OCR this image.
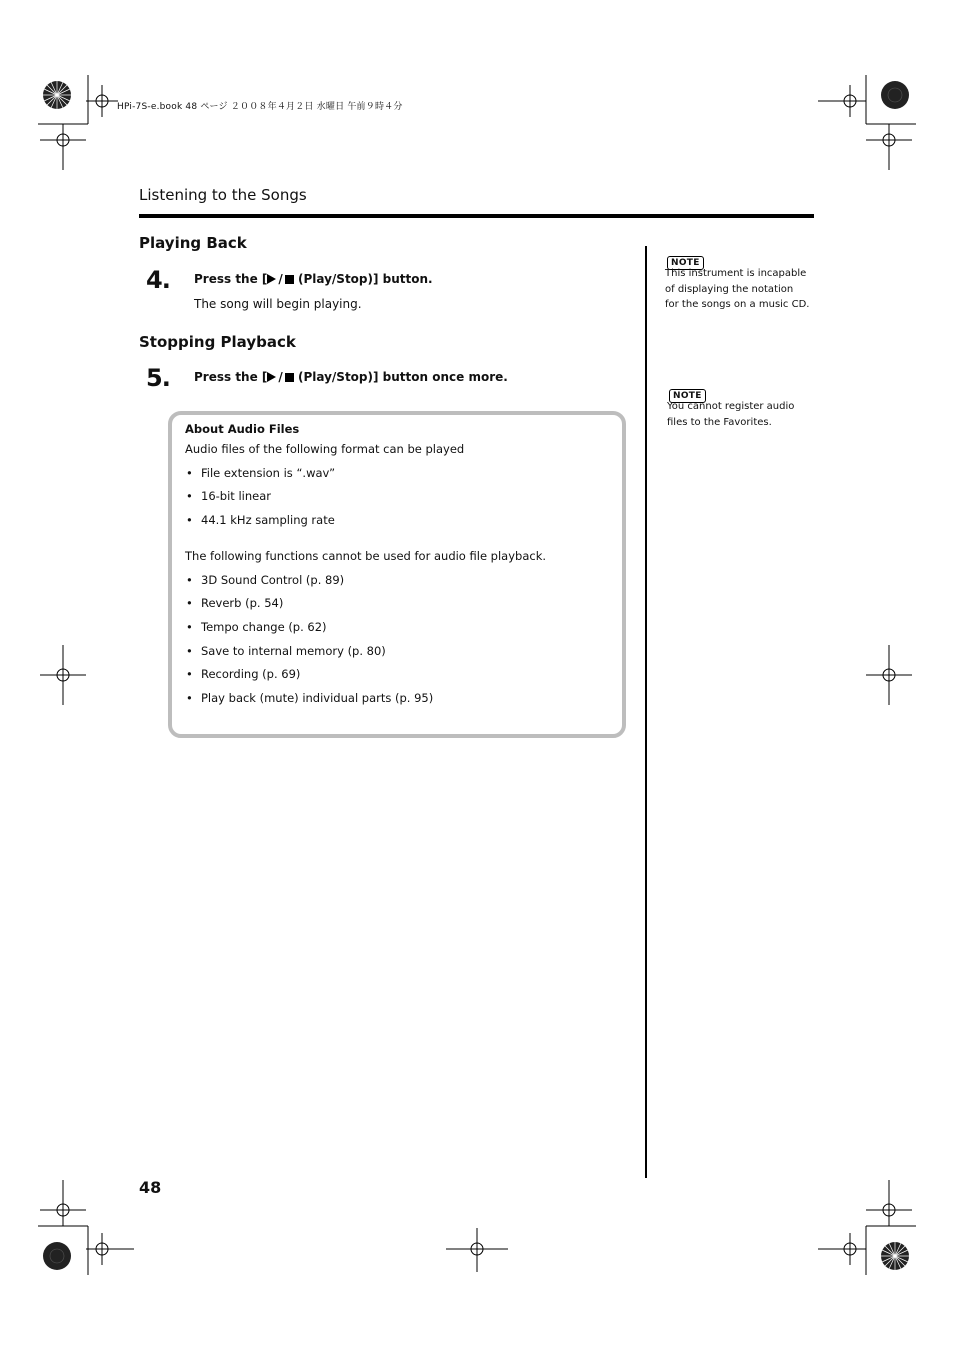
HPi-7S-e.book 48 ページ ２００８年４月２日 水曜日 午前９時４分
Listening to the Songs
Playing Back
4. Press the [ / (Play/Stop)] button.
The song will begin playing.
Stopping Playback
5. Press the [ / (Play/Stop)] button once more.
About Audio Files
Audio files of the following format can be played
• File extension is “.wav”
• 16-bit linear
• 44.1 kHz sampling rate
The following functions cannot be used for audio file playback.
• 3D Sound Control (p. 89)
• Reverb (p. 54)
• Tempo change (p. 62)
• Save to internal memory (p. 80)
• Recording (p. 69)
• Play back (mute) individual parts (p. 95)
NOTE
This instrument is incapable of displaying the notation for the songs on a music CD.
NOTE
You cannot register audio files to the Favorites.
48
